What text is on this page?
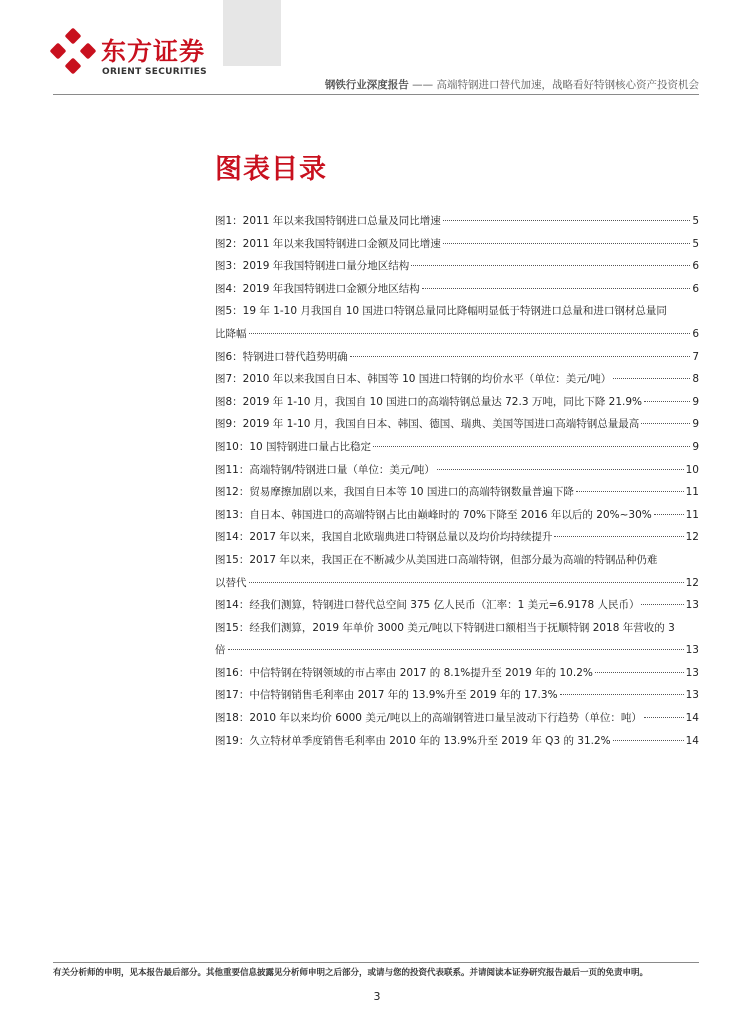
东方证券
ORIENT SECURITIES
钢铁行业深度报告 —— 高端特钢进口替代加速，战略看好特钢核心资产投资机会
图表目录
图1：2011 年以来我国特钢进口总量及同比增速	5
图2：2011 年以来我国特钢进口金额及同比增速	5
图3：2019 年我国特钢进口量分地区结构	6
图4：2019 年我国特钢进口金额分地区结构	6
图5：19 年 1-10 月我国自 10 国进口特钢总量同比降幅明显低于特钢进口总量和进口钢材总量同
比降幅	6
图6：特钢进口替代趋势明确	7
图7：2010 年以来我国自日本、韩国等 10 国进口特钢的均价水平（单位：美元/吨）	8
图8：2019 年 1-10 月，我国自 10 国进口的高端特钢总量达 72.3 万吨，同比下降 21.9%	9
图9：2019 年 1-10 月，我国自日本、韩国、德国、瑞典、美国等国进口高端特钢总量最高	9
图10：10 国特钢进口量占比稳定	9
图11：高端特钢/特钢进口量（单位：美元/吨）	10
图12：贸易摩擦加剧以来，我国自日本等 10 国进口的高端特钢数量普遍下降	11
图13：自日本、韩国进口的高端特钢占比由巅峰时的 70%下降至 2016 年以后的 20%~30%	11
图14：2017 年以来，我国自北欧瑞典进口特钢总量以及均价均持续提升	12
图15：2017 年以来，我国正在不断减少从美国进口高端特钢，但部分最为高端的特钢品种仍难
以替代	12
图14：经我们测算，特钢进口替代总空间 375 亿人民币（汇率：1 美元=6.9178 人民币）	13
图15：经我们测算，2019 年单价 3000 美元/吨以下特钢进口额相当于抚顺特钢 2018 年营收的 3
倍	13
图16：中信特钢在特钢领域的市占率由 2017 的 8.1%提升至 2019 年的 10.2%	13
图17：中信特钢销售毛利率由 2017 年的 13.9%升至 2019 年的 17.3%	13
图18：2010 年以来均价 6000 美元/吨以上的高端钢管进口量呈波动下行趋势（单位：吨）	14
图19：久立特材单季度销售毛利率由 2010 年的 13.9%升至 2019 年 Q3 的 31.2%	14
有关分析师的申明，见本报告最后部分。其他重要信息披露见分析师申明之后部分，或请与您的投资代表联系。并请阅读本证券研究报告最后一页的免责申明。
3
